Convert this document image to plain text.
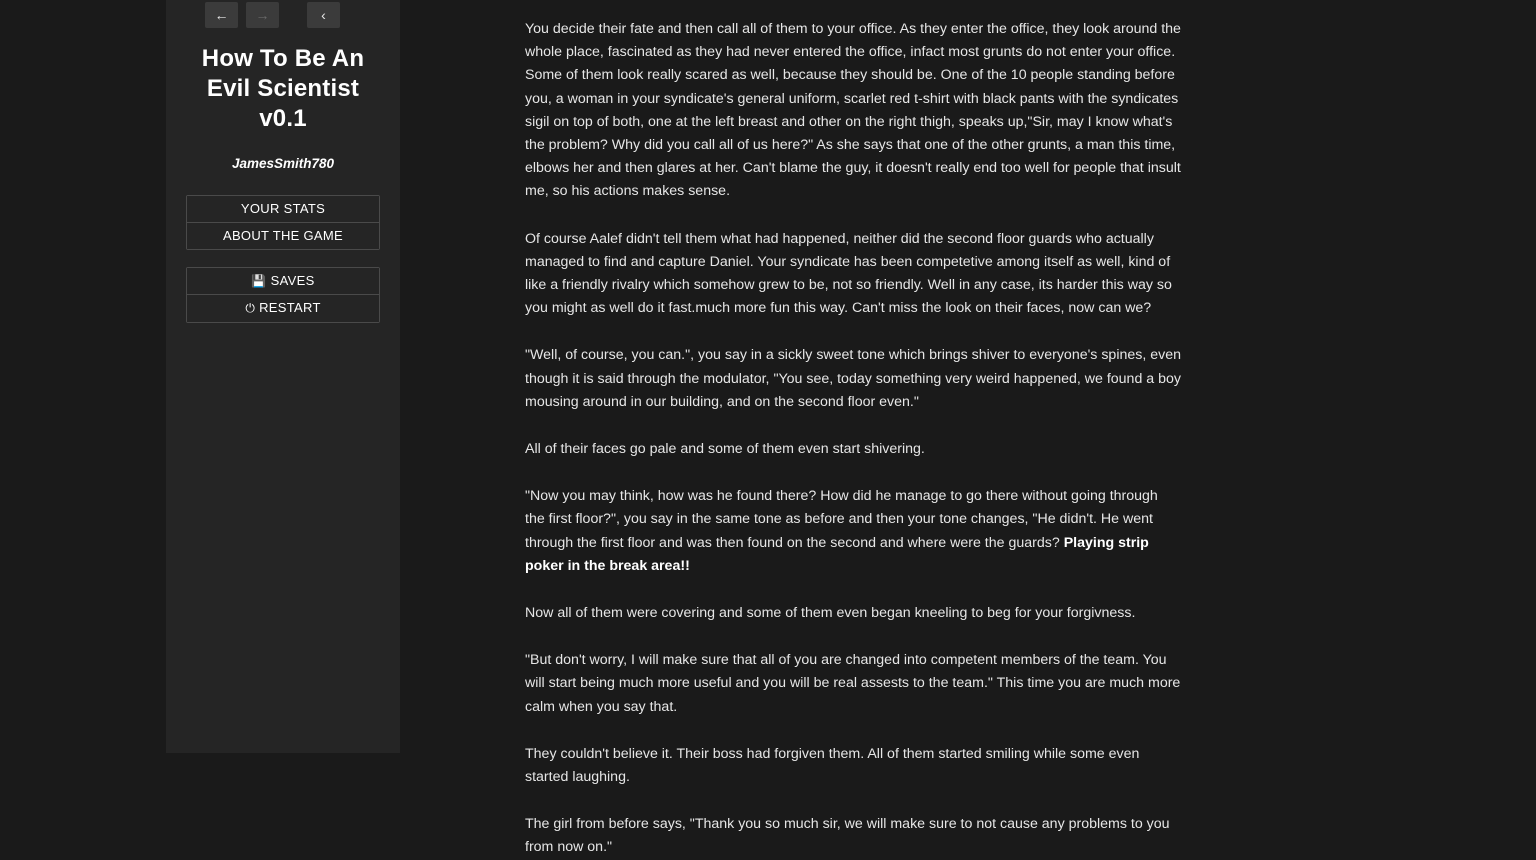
←	→	‹
How To Be An Evil Scientist v0.1
JamesSmith780
YOUR STATS
ABOUT THE GAME
💾 SAVES
⏻ RESTART

You decide their fate and then call all of them to your office. As they enter the office, they look around the whole place, fascinated as they had never entered the office, infact most grunts do not enter your office. Some of them look really scared as well, because they should be. One of the 10 people standing before you, a woman in your syndicate's general uniform, scarlet red t-shirt with black pants with the syndicates sigil on top of both, one at the left breast and other on the right thigh, speaks up,"Sir, may I know what's the problem? Why did you call all of us here?" As she says that one of the other grunts, a man this time, elbows her and then glares at her. Can't blame the guy, it doesn't really end too well for people that insult me, so his actions makes sense.

Of course Aalef didn't tell them what had happened, neither did the second floor guards who actually managed to find and capture Daniel. Your syndicate has been competetive among itself as well, kind of like a friendly rivalry which somehow grew to be, not so friendly. Well in any case, its harder this way so you might as well do it fast.much more fun this way. Can't miss the look on their faces, now can we?

"Well, of course, you can.", you say in a sickly sweet tone which brings shiver to everyone's spines, even though it is said through the modulator, "You see, today something very weird happened, we found a boy mousing around in our building, and on the second floor even."

All of their faces go pale and some of them even start shivering.

"Now you may think, how was he found there? How did he manage to go there without going through the first floor?", you say in the same tone as before and then your tone changes, "He didn't. He went through the first floor and was then found on the second and where were the guards? Playing strip poker in the break area!!

Now all of them were covering and some of them even began kneeling to beg for your forgivness.

"But don't worry, I will make sure that all of you are changed into competent members of the team. You will start being much more useful and you will be real assests to the team." This time you are much more calm when you say that.

They couldn't believe it. Their boss had forgiven them. All of them started smiling while some even started laughing.

The girl from before says, "Thank you so much sir, we will make sure to not cause any problems to you from now on."
